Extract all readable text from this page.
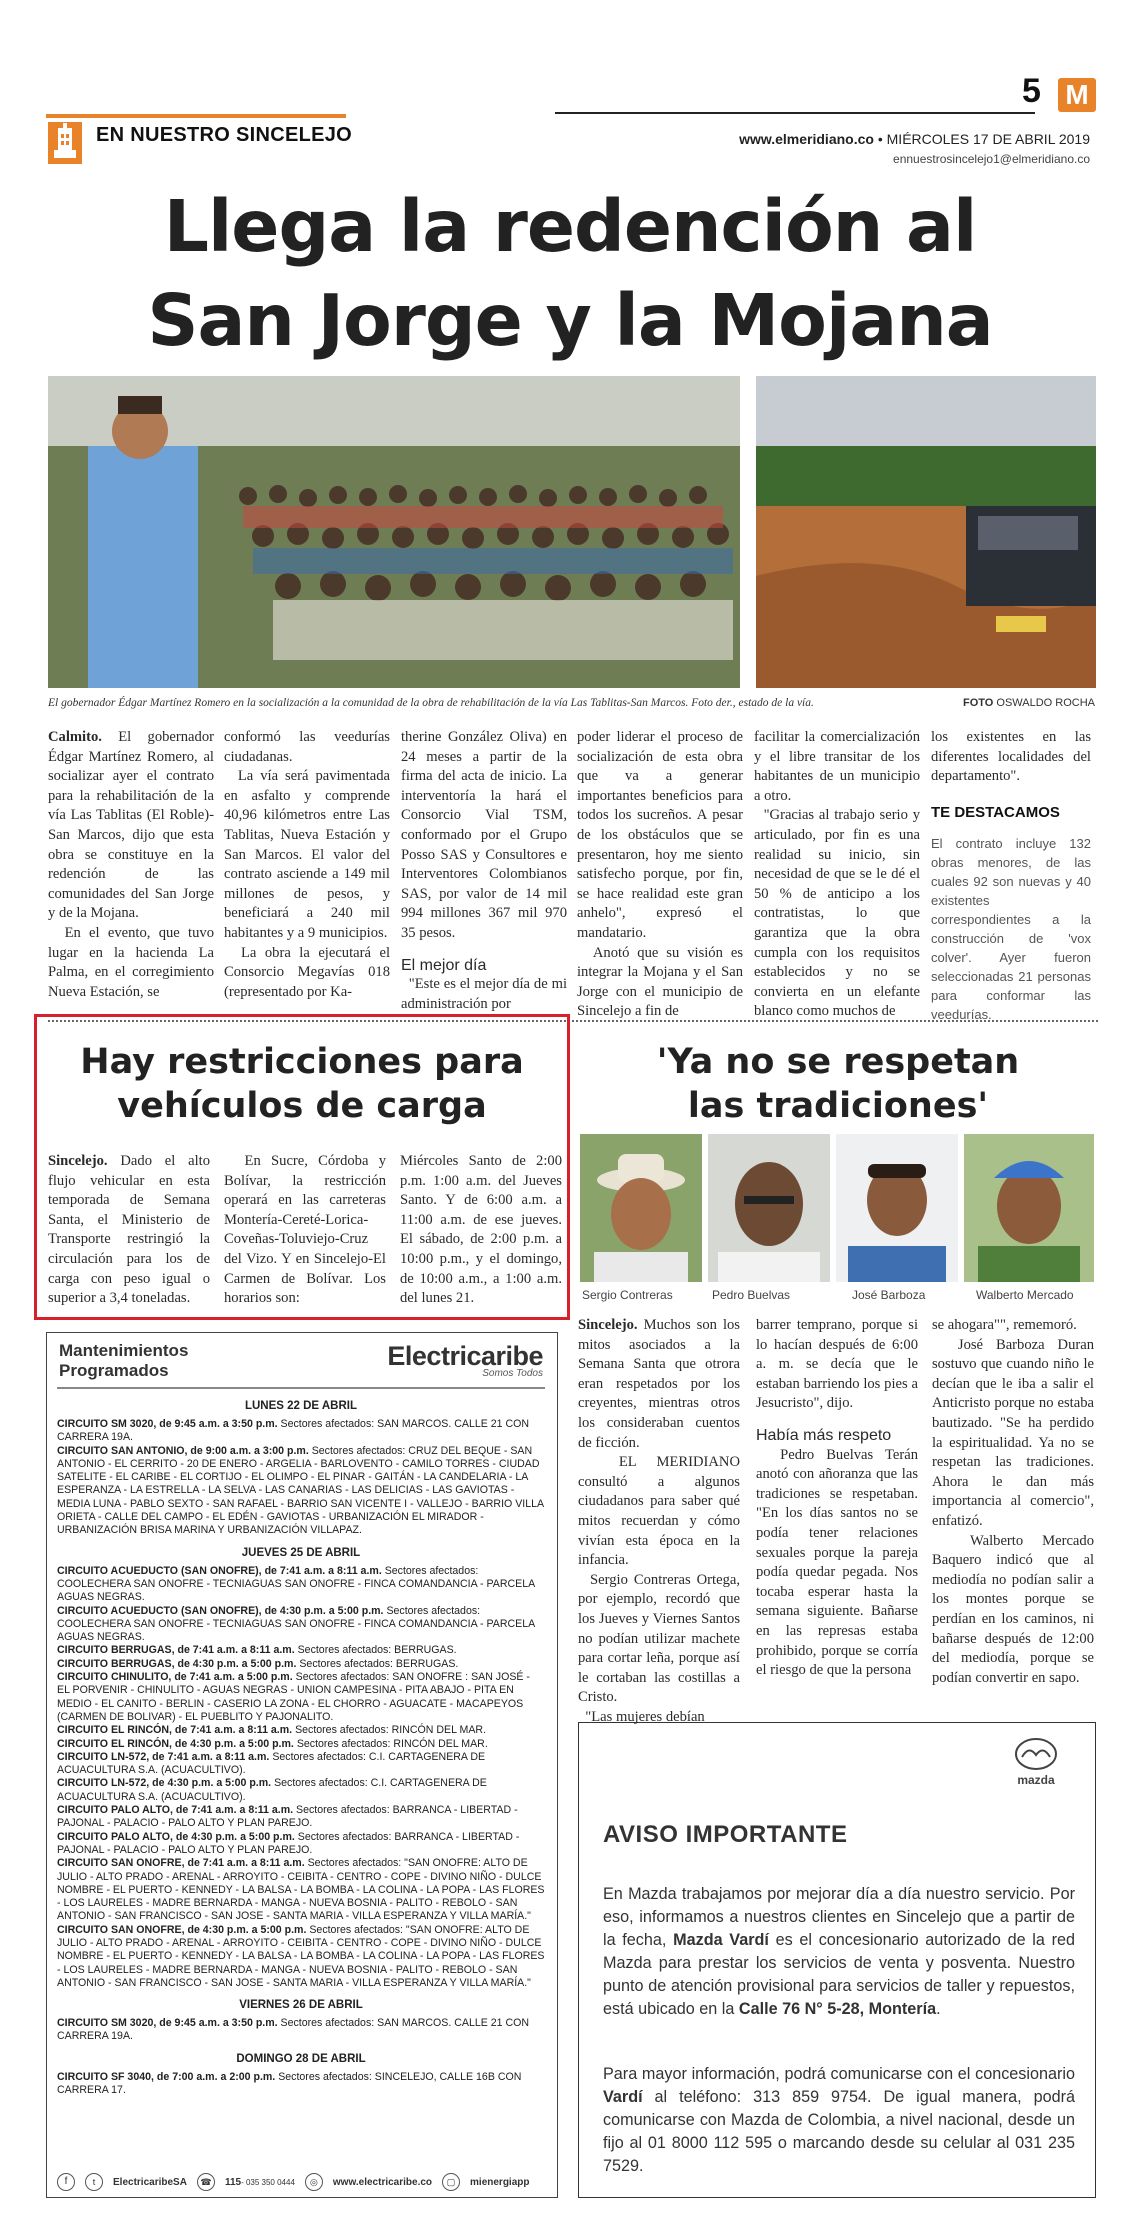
5 M
EN NUESTRO SINCELEJO	www.elmeridiano.co • MIÉRCOLES 17 DE ABRIL 2019
ennuestrosincelejo1@elmeridiano.co
Llega la redención al
San Jorge y la Mojana
El gobernador Édgar Martínez Romero en la socialización a la comunidad de la obra de rehabilitación de la vía Las Tablitas-San Marcos. Foto der., estado de la vía.	FOTO OSWALDO ROCHA
Calmito. El gobernador Édgar Martínez Romero, al socializar ayer el contrato para la rehabilitación de la vía Las Tablitas (El Roble)-San Marcos, dijo que esta obra se constituye en la redención de las comunidades del San Jorge y de la Mojana.
En el evento, que tuvo lugar en la hacienda La Palma, en el corregimiento Nueva Estación, se
conformó las veedurías ciudadanas.
La vía será pavimentada en asfalto y comprende 40,96 kilómetros entre Las Tablitas, Nueva Estación y San Marcos. El valor del contrato asciende a 149 mil millones de pesos, y beneficiará a 240 mil habitantes y a 9 municipios.
La obra la ejecutará el Consorcio Megavías 018 (representado por Ka-
therine González Oliva) en 24 meses a partir de la firma del acta de inicio. La interventoría la hará el Consorcio Vial TSM, conformado por el Grupo Posso SAS y Consultores e Interventores Colombianos SAS, por valor de 14 mil 994 millones 367 mil 970 35 pesos.

El mejor día
"Este es el mejor día de mi administración por
poder liderar el proceso de socialización de esta obra que va a generar importantes beneficios para todos los sucreños. A pesar de los obstáculos que se presentaron, hoy me siento satisfecho porque, por fin, se hace realidad este gran anhelo", expresó el mandatario.
Anotó que su visión es integrar la Mojana y el San Jorge con el municipio de Sincelejo a fin de
facilitar la comercialización y el libre transitar de los habitantes de un municipio a otro.
"Gracias al trabajo serio y articulado, por fin es una realidad su inicio, sin necesidad de que se le dé el 50 % de anticipo a los contratistas, lo que garantiza que la obra cumpla con los requisitos establecidos y no se convierta en un elefante blanco como muchos de
los existentes en las diferentes localidades del departamento".
TE DESTACAMOS
El contrato incluye 132 obras menores, de las cuales 92 son nuevas y 40 existentes correspondientes a la construcción de 'vox colver'. Ayer fueron seleccionadas 21 personas para conformar las veedurías.
Hay restricciones para
vehículos de carga
Sincelejo. Dado el alto flujo vehicular en esta temporada de Semana Santa, el Ministerio de Transporte restringió la circulación para los de carga con peso igual o superior a 3,4 toneladas.
En Sucre, Córdoba y Bolívar, la restricción operará en las carreteras Montería-Cereté-Lorica-Coveñas-Toluviejo-Cruz del Vizo. Y en Sincelejo-El Carmen de Bolívar. Los horarios son:
Miércoles Santo de 2:00 p.m. 1:00 a.m. del Jueves Santo. Y de 6:00 a.m. a 11:00 a.m. de ese jueves. El sábado, de 2:00 p.m. a 10:00 p.m., y el domingo, de 10:00 a.m., a 1:00 a.m. del lunes 21.
'Ya no se respetan
las tradiciones'
Sergio Contreras	Pedro Buelvas	José Barboza	Walberto Mercado
Sincelejo. Muchos son los mitos asociados a la Semana Santa que otrora eran respetados por los creyentes, mientras otros los consideraban cuentos de ficción.
EL MERIDIANO consultó a algunos ciudadanos para saber qué mitos recuerdan y cómo vivían esta época en la infancia.
Sergio Contreras Ortega, por ejemplo, recordó que los Jueves y Viernes Santos no podían utilizar machete para cortar leña, porque así le cortaban las costillas a Cristo.
"Las mujeres debían
barrer temprano, porque si lo hacían después de 6:00 a. m. se decía que le estaban barriendo los pies a Jesucristo", dijo.

Había más respeto
Pedro Buelvas Terán anotó con añoranza que las tradiciones se respetaban. "En los días santos no se podía tener relaciones sexuales porque la pareja podía quedar pegada. Nos tocaba esperar hasta la semana siguiente. Bañarse en las represas estaba prohibido, porque se corría el riesgo de que la persona
se ahogara"", rememoró.
José Barboza Duran sostuvo que cuando niño le decían que le iba a salir el Anticristo porque no estaba bautizado. "Se ha perdido la espiritualidad. Ya no se respetan las tradiciones. Ahora le dan más importancia al comercio", enfatizó.
Walberto Mercado Baquero indicó que al mediodía no podían salir a los montes porque se perdían en los caminos, ni bañarse después de 12:00 del mediodía, porque se podían convertir en sapo.
Mantenimientos
Programados	Electricaribe
Somos Todos
LUNES 22 DE ABRIL
CIRCUITO SM 3020, de 9:45 a.m. a 3:50 p.m. Sectores afectados: SAN MARCOS. CALLE 21 CON CARRERA 19A.
CIRCUITO SAN ANTONIO, de 9:00 a.m. a 3:00 p.m. Sectores afectados: CRUZ DEL BEQUE - SAN ANTONIO - EL CERRITO - 20 DE ENERO - ARGELIA - BARLOVENTO - CAMILO TORRES - CIUDAD SATELITE - EL CARIBE - EL CORTIJO - EL OLIMPO - EL PINAR - GAITÁN - LA CANDELARIA - LA ESPERANZA - LA ESTRELLA - LA SELVA - LAS CANARIAS - LAS DELICIAS - LAS GAVIOTAS - MEDIA LUNA - PABLO SEXTO - SAN RAFAEL - BARRIO SAN VICENTE I - VALLEJO - BARRIO VILLA ORIETA - CALLE DEL CAMPO - EL EDÉN - GAVIOTAS - URBANIZACIÓN EL MIRADOR - URBANIZACIÓN BRISA MARINA Y URBANIZACIÓN VILLAPAZ.
JUEVES 25 DE ABRIL
CIRCUITO ACUEDUCTO (SAN ONOFRE), de 7:41 a.m. a 8:11 a.m. Sectores afectados: COOLECHERA SAN ONOFRE - TECNIAGUAS SAN ONOFRE - FINCA COMANDANCIA - PARCELA AGUAS NEGRAS.
CIRCUITO ACUEDUCTO (SAN ONOFRE), de 4:30 p.m. a 5:00 p.m. Sectores afectados: COOLECHERA SAN ONOFRE - TECNIAGUAS SAN ONOFRE - FINCA COMANDANCIA - PARCELA AGUAS NEGRAS.
CIRCUITO BERRUGAS, de 7:41 a.m. a 8:11 a.m. Sectores afectados: BERRUGAS.
CIRCUITO BERRUGAS, de 4:30 p.m. a 5:00 p.m. Sectores afectados: BERRUGAS.
CIRCUITO CHINULITO, de 7:41 a.m. a 5:00 p.m. Sectores afectados: SAN ONOFRE : SAN JOSÉ - EL PORVENIR - CHINULITO - AGUAS NEGRAS - UNION CAMPESINA - PITA ABAJO - PITA EN MEDIO - EL CANITO - BERLIN - CASERIO LA ZONA - EL CHORRO - AGUACATE - MACAPEYOS (CARMEN DE BOLIVAR) - EL PUEBLITO Y PAJONALITO.
CIRCUITO EL RINCÓN, de 7:41 a.m. a 8:11 a.m. Sectores afectados: RINCÓN DEL MAR.
CIRCUITO EL RINCÓN, de 4:30 p.m. a 5:00 p.m. Sectores afectados: RINCÓN DEL MAR.
CIRCUITO LN-572, de 7:41 a.m. a 8:11 a.m. Sectores afectados: C.I. CARTAGENERA DE ACUACULTURA S.A. (ACUACULTIVO).
CIRCUITO LN-572, de 4:30 p.m. a 5:00 p.m. Sectores afectados: C.I. CARTAGENERA DE ACUACULTURA S.A. (ACUACULTIVO).
CIRCUITO PALO ALTO, de 7:41 a.m. a 8:11 a.m. Sectores afectados: BARRANCA - LIBERTAD - PAJONAL - PALACIO - PALO ALTO Y PLAN PAREJO.
CIRCUITO PALO ALTO, de 4:30 p.m. a 5:00 p.m. Sectores afectados: BARRANCA - LIBERTAD - PAJONAL - PALACIO - PALO ALTO Y PLAN PAREJO.
CIRCUITO SAN ONOFRE, de 7:41 a.m. a 8:11 a.m. Sectores afectados: "SAN ONOFRE: ALTO DE JULIO - ALTO PRADO - ARENAL - ARROYITO - CEIBITA - CENTRO - COPE - DIVINO NIÑO - DULCE NOMBRE - EL PUERTO - KENNEDY - LA BALSA - LA BOMBA - LA COLINA - LA POPA - LAS FLORES - LOS LAURELES - MADRE BERNARDA - MANGA - NUEVA BOSNIA - PALITO - REBOLO - SAN ANTONIO - SAN FRANCISCO - SAN JOSE - SANTA MARIA - VILLA ESPERANZA Y VILLA MARÍA."
CIRCUITO SAN ONOFRE, de 4:30 p.m. a 5:00 p.m. Sectores afectados: "SAN ONOFRE: ALTO DE JULIO - ALTO PRADO - ARENAL - ARROYITO - CEIBITA - CENTRO - COPE - DIVINO NIÑO - DULCE NOMBRE - EL PUERTO - KENNEDY - LA BALSA - LA BOMBA - LA COLINA - LA POPA - LAS FLORES - LOS LAURELES - MADRE BERNARDA - MANGA - NUEVA BOSNIA - PALITO - REBOLO - SAN ANTONIO - SAN FRANCISCO - SAN JOSE - SANTA MARIA - VILLA ESPERANZA Y VILLA MARÍA."
VIERNES 26 DE ABRIL
CIRCUITO SM 3020, de 9:45 a.m. a 3:50 p.m. Sectores afectados: SAN MARCOS. CALLE 21 CON CARRERA 19A.
DOMINGO 28 DE ABRIL
CIRCUITO SF 3040, de 7:00 a.m. a 2:00 p.m. Sectores afectados: SINCELEJO, CALLE 16B CON CARRERA 17.
f	t	ElectricaribeSA	☎	115- 035 350 0444	◎	www.electricaribe.co	▢	mienergiapp
mazda
AVISO IMPORTANTE
En Mazda trabajamos por mejorar día a día nuestro servicio. Por eso, informamos a nuestros clientes en Sincelejo que a partir de la fecha, Mazda Vardí es el concesionario autorizado de la red Mazda para prestar los servicios de venta y posventa. Nuestro punto de atención provisional para servicios de taller y repuestos, está ubicado en la Calle 76 N° 5-28, Montería.
Para mayor información, podrá comunicarse con el concesionario Vardí al teléfono: 313 859 9754. De igual manera, podrá comunicarse con Mazda de Colombia, a nivel nacional, desde un fijo al 01 8000 112 595 o marcando desde su celular al 031 235 7529.
